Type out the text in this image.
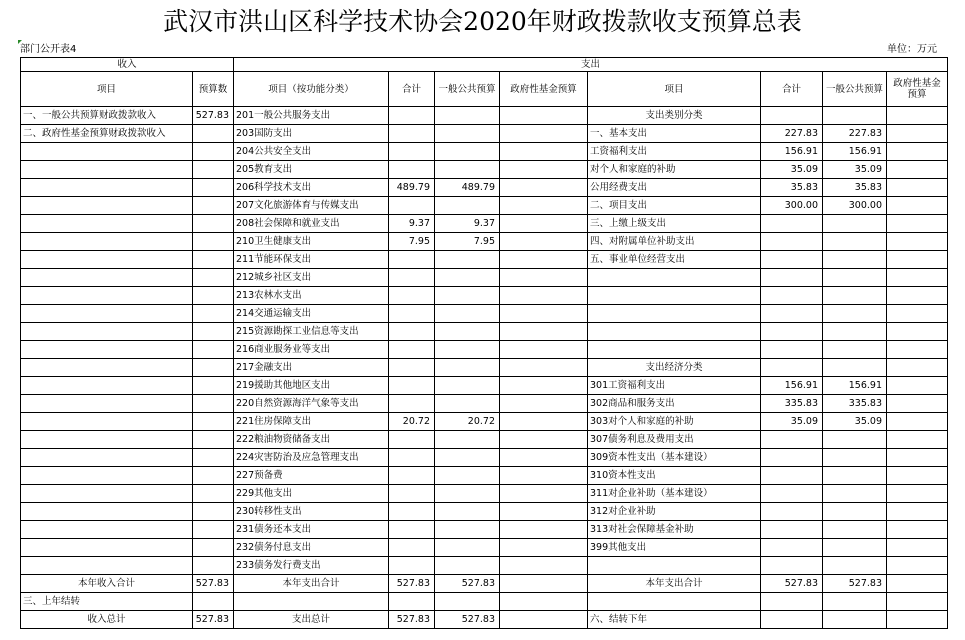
武汉市洪山区科学技术协会2020年财政拨款收支预算总表
部门公开表4	单位：万元
收入		支出							
项目	预算数	项目（按功能分类）	合计	一般公共预算	政府性基金预算	项目	合计	一般公共预算	政府性基金预算
一、一般公共预算财政拨款收入	527.83	201一般公共服务支出				支出类别分类			
二、政府性基金预算财政拨款收入		203国防支出				一、基本支出	227.83	227.83	
		204公共安全支出				工资福利支出	156.91	156.91	
		205教育支出				对个人和家庭的补助	35.09	35.09	
		206科学技术支出	489.79	489.79		公用经费支出	35.83	35.83	
		207文化旅游体育与传媒支出				二、项目支出	300.00	300.00	
		208社会保障和就业支出	9.37	9.37		三、上缴上级支出			
		210卫生健康支出	7.95	7.95		四、对附属单位补助支出			
		211节能环保支出				五、事业单位经营支出			
		212城乡社区支出							
		213农林水支出							
		214交通运输支出							
		215资源勘探工业信息等支出							
		216商业服务业等支出							
		217金融支出				支出经济分类			
		219援助其他地区支出				301工资福利支出	156.91	156.91	
		220自然资源海洋气象等支出				302商品和服务支出	335.83	335.83	
		221住房保障支出	20.72	20.72		303对个人和家庭的补助	35.09	35.09	
		222粮油物资储备支出				307债务利息及费用支出			
		224灾害防治及应急管理支出				309资本性支出（基本建设）			
		227预备费				310资本性支出			
		229其他支出				311对企业补助（基本建设）			
		230转移性支出				312对企业补助			
		231债务还本支出				313对社会保障基金补助			
		232债务付息支出				399其他支出			
		233债务发行费支出							
本年收入合计	527.83	本年支出合计	527.83	527.83		本年支出合计	527.83	527.83	
三、上年结转									
收入总计	527.83	支出总计	527.83	527.83		六、结转下年			
